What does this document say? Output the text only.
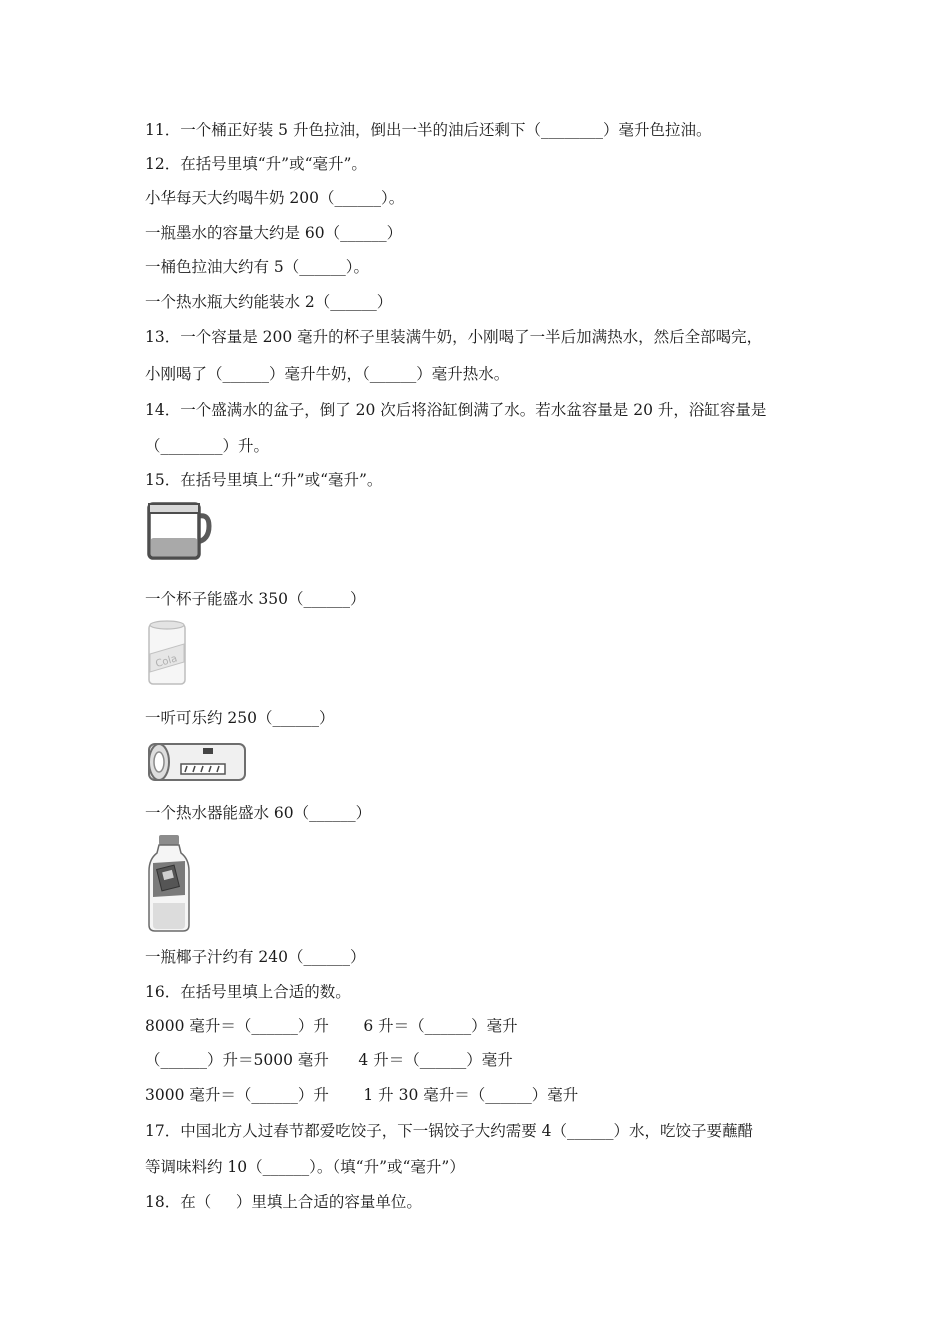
11．一个桶正好装 5 升色拉油，倒出一半的油后还剩下（________）毫升色拉油。
12．在括号里填“升”或“毫升”。
小华每天大约喝牛奶 200（______）。
一瓶墨水的容量大约是 60（______）
一桶色拉油大约有 5（______）。
一个热水瓶大约能装水 2（______）
13．一个容量是 200 毫升的杯子里装满牛奶，小刚喝了一半后加满热水，然后全部喝完，
小刚喝了（______）毫升牛奶，（______）毫升热水。
14．一个盛满水的盆子，倒了 20 次后将浴缸倒满了水。若水盆容量是 20 升，浴缸容量是
（________）升。
15．在括号里填上“升”或“毫升”。
一个杯子能盛水 350（______）
Cola
一听可乐约 250（______）
一个热水器能盛水 60（______）
一瓶椰子汁约有 240（______）
16．在括号里填上合适的数。
8000 毫升＝（______）升       6 升＝（______）毫升
（______）升＝5000 毫升      4 升＝（______）毫升
3000 毫升＝（______）升       1 升 30 毫升＝（______）毫升
17．中国北方人过春节都爱吃饺子，下一锅饺子大约需要 4（______）水，吃饺子要蘸醋
等调味料约 10（______）。（填“升”或“毫升”）
18．在（     ）里填上合适的容量单位。
